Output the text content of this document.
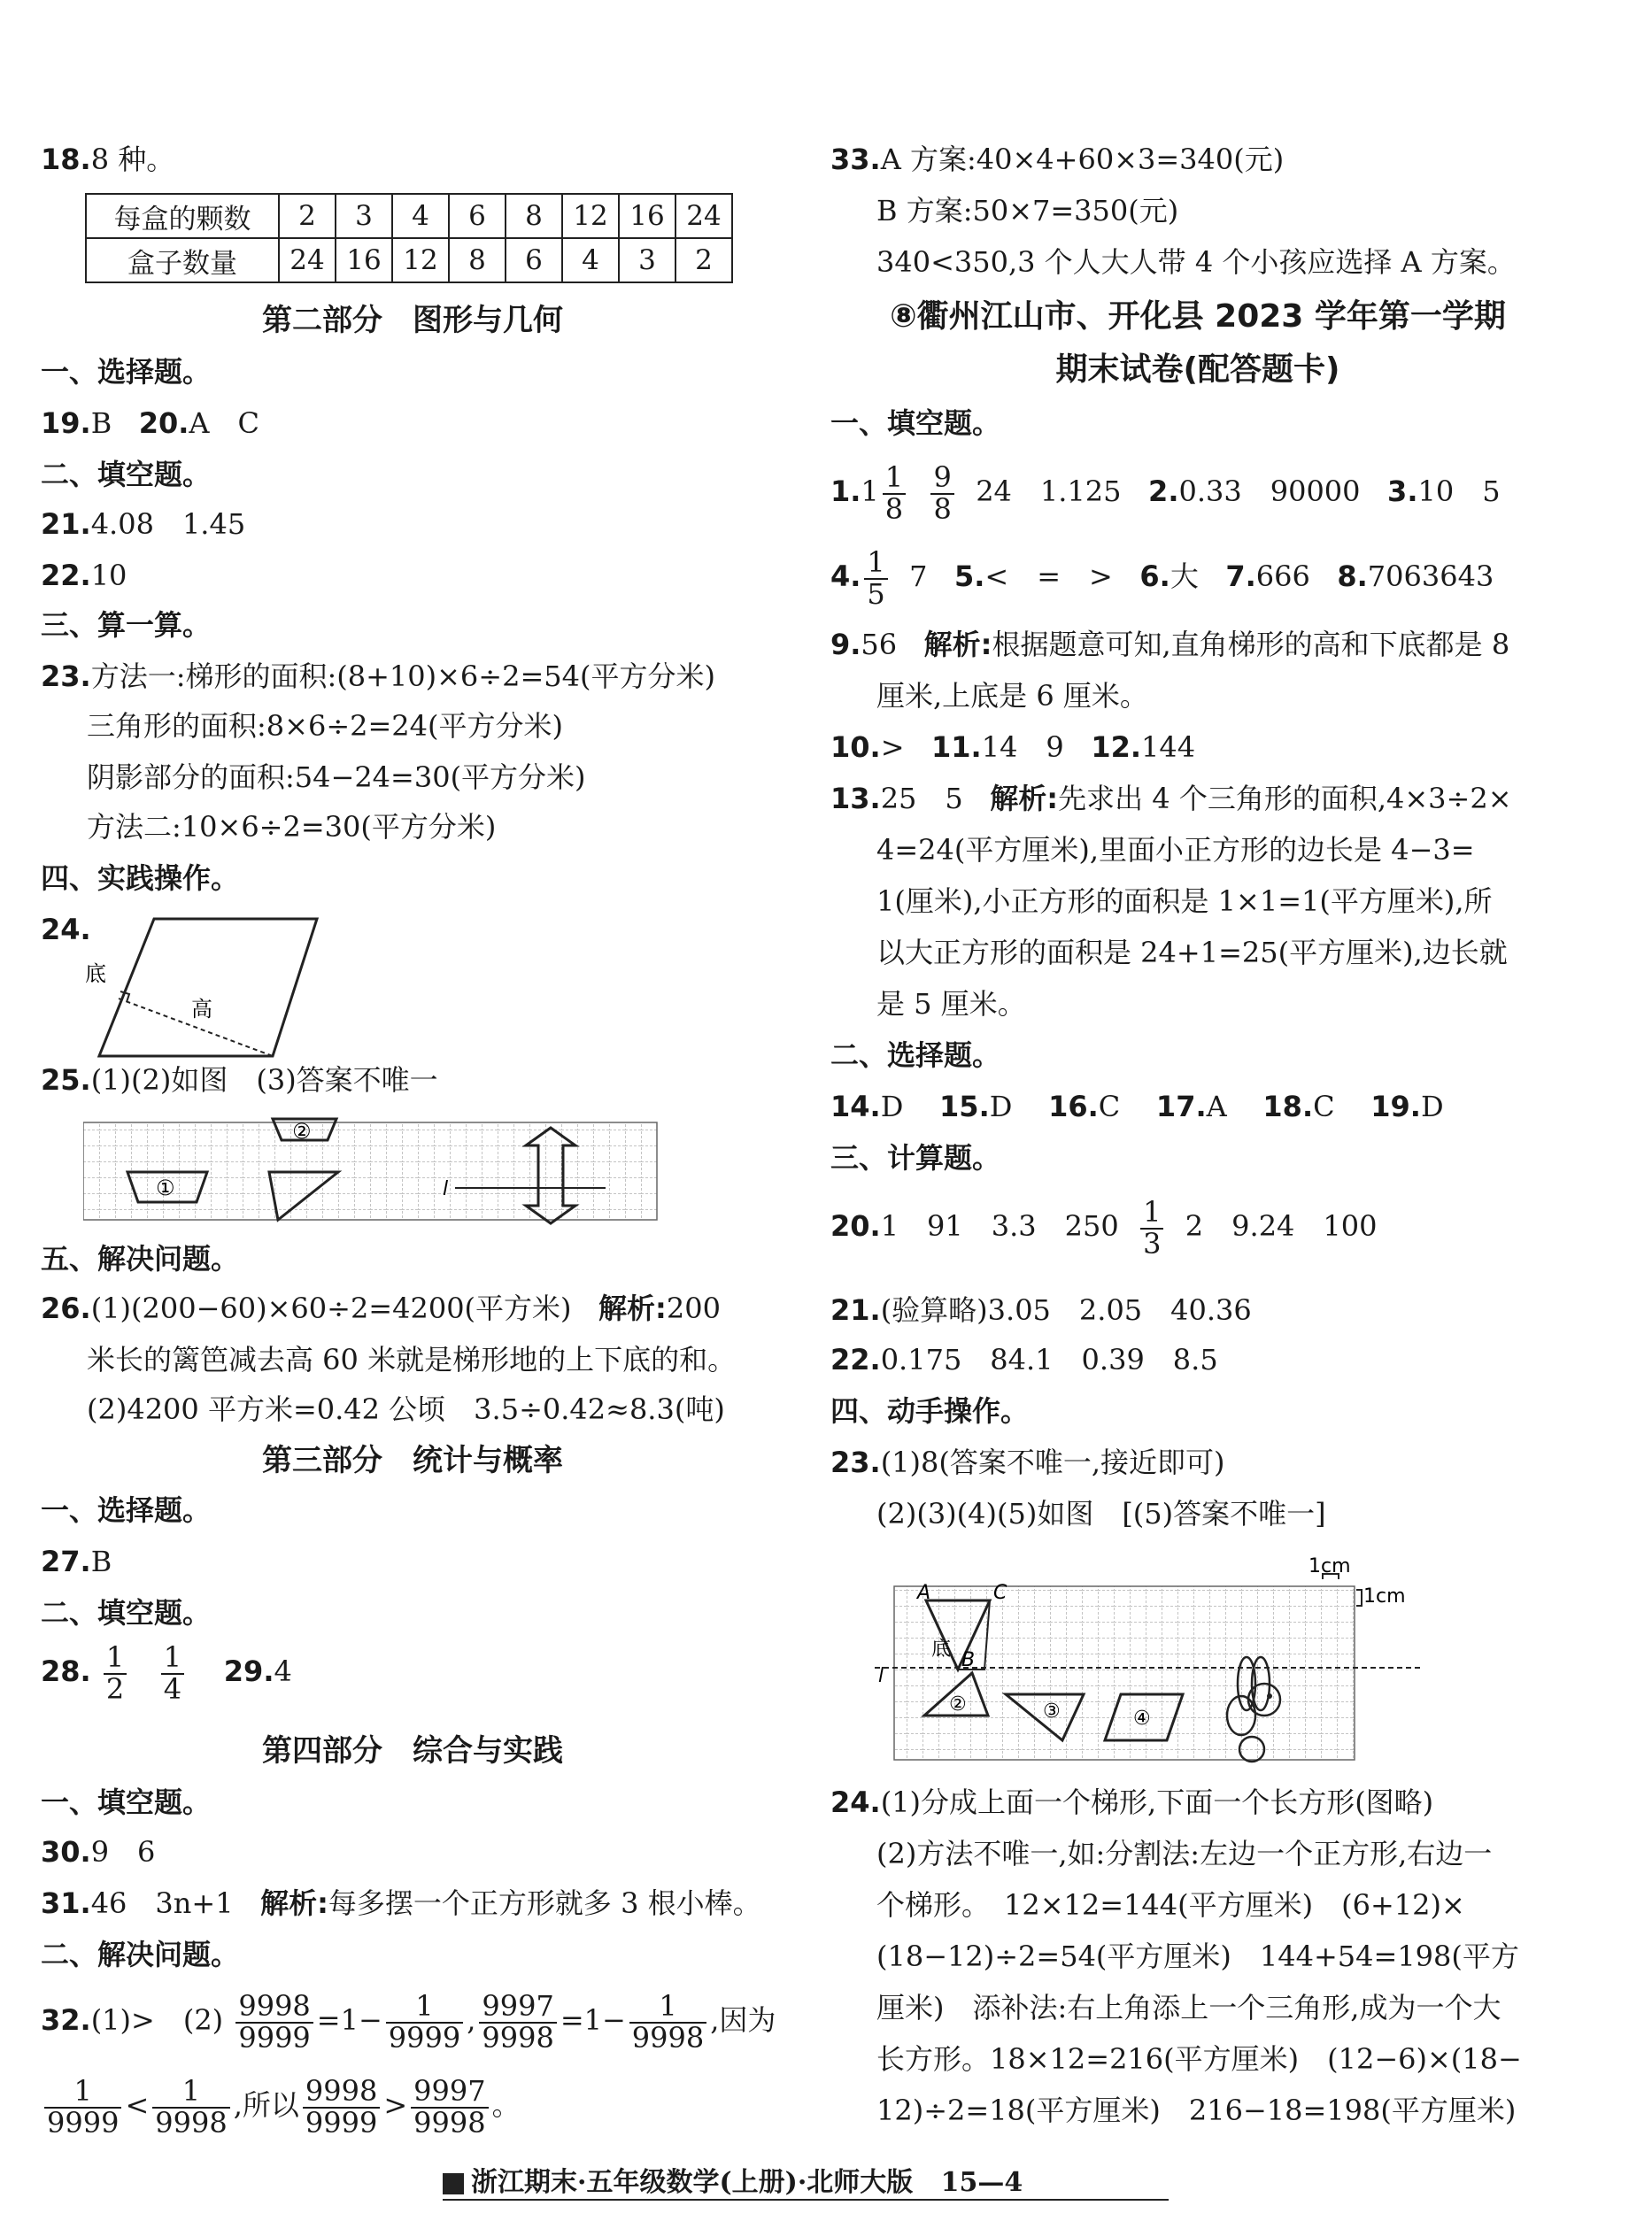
18.8 种。
每盒的颗数	2	3	4	6	8	12	16	24
盒子数量	24	16	12	8	6	4	3	2
第二部分　图形与几何
一、选择题。
19.B 20.A　C
二、填空题。
21.4.08　1.45
22.10
三、算一算。
23.方法一:梯形的面积:(8+10)×6÷2=54(平方分米)
三角形的面积:8×6÷2=24(平方分米)
阴影部分的面积:54−24=30(平方分米)
方法二:10×6÷2=30(平方分米)
四、实践操作。
24.
底
高
25.(1)(2)如图　(3)答案不唯一
①
②
l
五、解决问题。
26.(1)(200−60)×60÷2=4200(平方米) 解析:200
米长的篱笆减去高 60 米就是梯形地的上下底的和。
(2)4200 平方米=0.42 公顷　3.5÷0.42≈8.3(吨)
第三部分　统计与概率
一、选择题。
27.B
二、填空题。
28. $\frac{1}{2}$
$\frac{1}{4} 29.4$
第四部分　综合与实践
一、填空题。
30.9　6
31.46　3n+1 解析:每多摆一个正方形就多 3 根小棒。
二、解决问题。
32.(1)>　$(2) \frac{9998}{9999} =1- \frac{1}{9999}$ , $\frac{9997}{9998} =1- \frac{1}{9998}$ ,因为
$\frac{1}{9999} < \frac{1}{9998}$ ,所以 $\frac{9998}{9999} > \frac{9997}{9998}$ 。
33.A 方案:40×4+60×3=340(元)
B 方案:50×7=350(元)
340<350,3 个人大人带 4 个小孩应选择 A 方案。
⑧衢州江山市、开化县 2023 学年第一学期
期末试卷(配答题卡)
一、填空题。
$1.1 \frac{1}{8}$
$\frac{9}{8} 24$　1.125 2.0.33　90000 3.10　5
4. $\frac{1}{5} 7$ 5.<　=　> 6.大 7.666 8.7063643
9.56 解析:根据题意可知,直角梯形的高和下底都是 8
厘米,上底是 6 厘米。
10.> 11.14　9 12.144
13.25　5 解析:先求出 4 个三角形的面积,4×3÷2×
4=24(平方厘米),里面小正方形的边长是 4−3=
1(厘米),小正方形的面积是 1×1=1(平方厘米),所
以大正方形的面积是 24+1=25(平方厘米),边长就
是 5 厘米。
二、选择题。
14.D 15.D 16.C 17.A 18.C 19.D
三、计算题。
20.1　91　3.3　$250 \frac{1}{3} 2$　9.24　100
21.(验算略)3.05　2.05　40.36
22.0.175　84.1　0.39　8.5
四、动手操作。
23.(1)8(答案不唯一,接近即可)
(2)(3)(4)(5)如图　[(5)答案不唯一]
1cm
1cm
l
A	C
B
底
②	③	④
24.(1)分成上面一个梯形,下面一个长方形(图略)
(2)方法不唯一,如:分割法:左边一个正方形,右边一
个梯形。　12×12=144(平方厘米)　(6+12)×
(18−12)÷2=54(平方厘米)　144+54=198(平方
厘米)　添补法:右上角添上一个三角形,成为一个大
长方形。18×12=216(平方厘米)　(12−6)×(18−
12)÷2=18(平方厘米)　216−18=198(平方厘米)
浙江期末·五年级数学(上册)·北师大版 15—4
